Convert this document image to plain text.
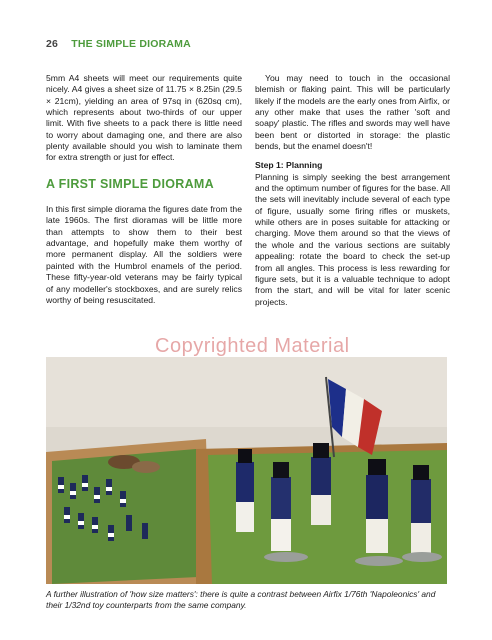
26 THE SIMPLE DIORAMA

5mm A4 sheets will meet our requirements quite nicely. A4 gives a sheet size of 11.75 × 8.25in (29.5 × 21cm), yielding an area of 97sq in (620sq cm), which represents about two-thirds of our upper limit. With five sheets to a pack there is little need to worry about damaging one, and there are also plenty available should you wish to laminate them for extra strength or just for effect.

A FIRST SIMPLE DIORAMA

In this first simple diorama the figures date from the late 1960s. The first dioramas will be little more than attempts to show them to their best advantage, and hopefully make them worthy of more permanent display. All the soldiers were painted with the Humbrol enamels of the period. These fifty-year-old veterans may be fairly typical of any modeller's stockboxes, and are surely relics worthy of being resuscitated.

You may need to touch in the occasional blemish or flaking paint. This will be particularly likely if the models are the early ones from Airfix, or any other make that uses the rather 'soft and soapy' plastic. The rifles and swords may well have been bent or distorted in storage: the plastic bends, but the enamel doesn't!

Step 1: Planning

Planning is simply seeking the best arrangement and the optimum number of figures for the base. All the sets will inevitably include several of each type of figure, usually some firing rifles or muskets, while others are in poses suitable for attacking or charging. Move them around so that the views of the whole and the various sections are suitably appealing: rotate the board to check the set-up from all angles. This process is less rewarding for figure sets, but it is a valuable technique to adopt from the start, and will be vital for later scenic projects.

Copyrighted Material
A further illustration of 'how size matters': there is quite a contrast between Airfix 1/76th 'Napoleonics' and their 1/32nd toy counterparts from the same company.
